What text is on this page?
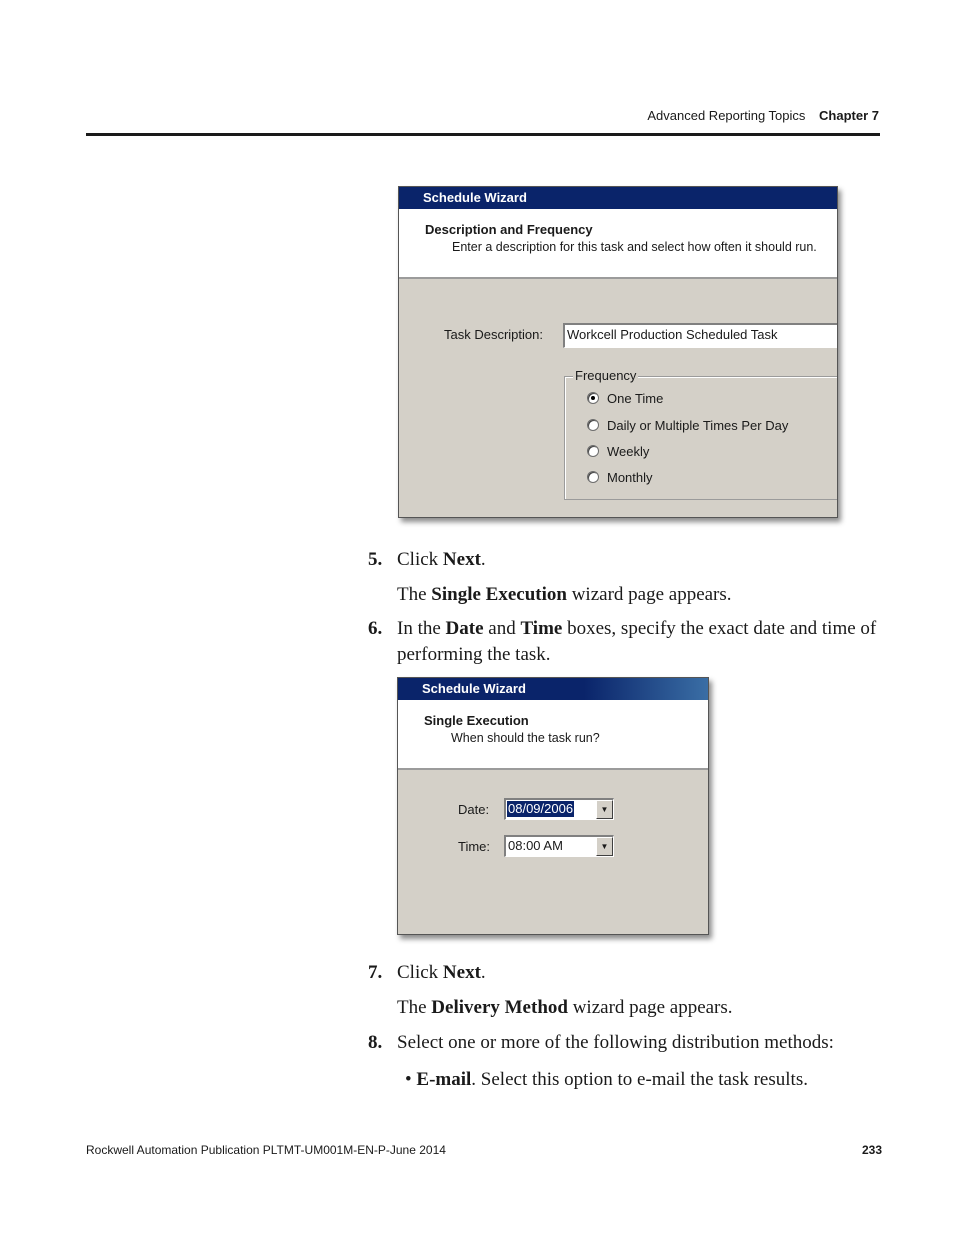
Advanced Reporting Topics Chapter 7
Schedule Wizard
Description and Frequency
Enter a description for this task and select how often it should run.
Task Description:	Workcell Production Scheduled Task
Frequency
One Time
Daily or Multiple Times Per Day
Weekly
Monthly
5. Click Next.
The Single Execution wizard page appears.
6. In the Date and Time boxes, specify the exact date and time of performing the task.
Schedule Wizard
Single Execution
When should the task run?
Date: 08/09/2006	▼
Time: 08:00 AM	▼
7. Click Next.
The Delivery Method wizard page appears.
8. Select one or more of the following distribution methods:
• E-mail. Select this option to e-mail the task results.
Rockwell Automation Publication PLTMT-UM001M-EN-P-June 2014	233
